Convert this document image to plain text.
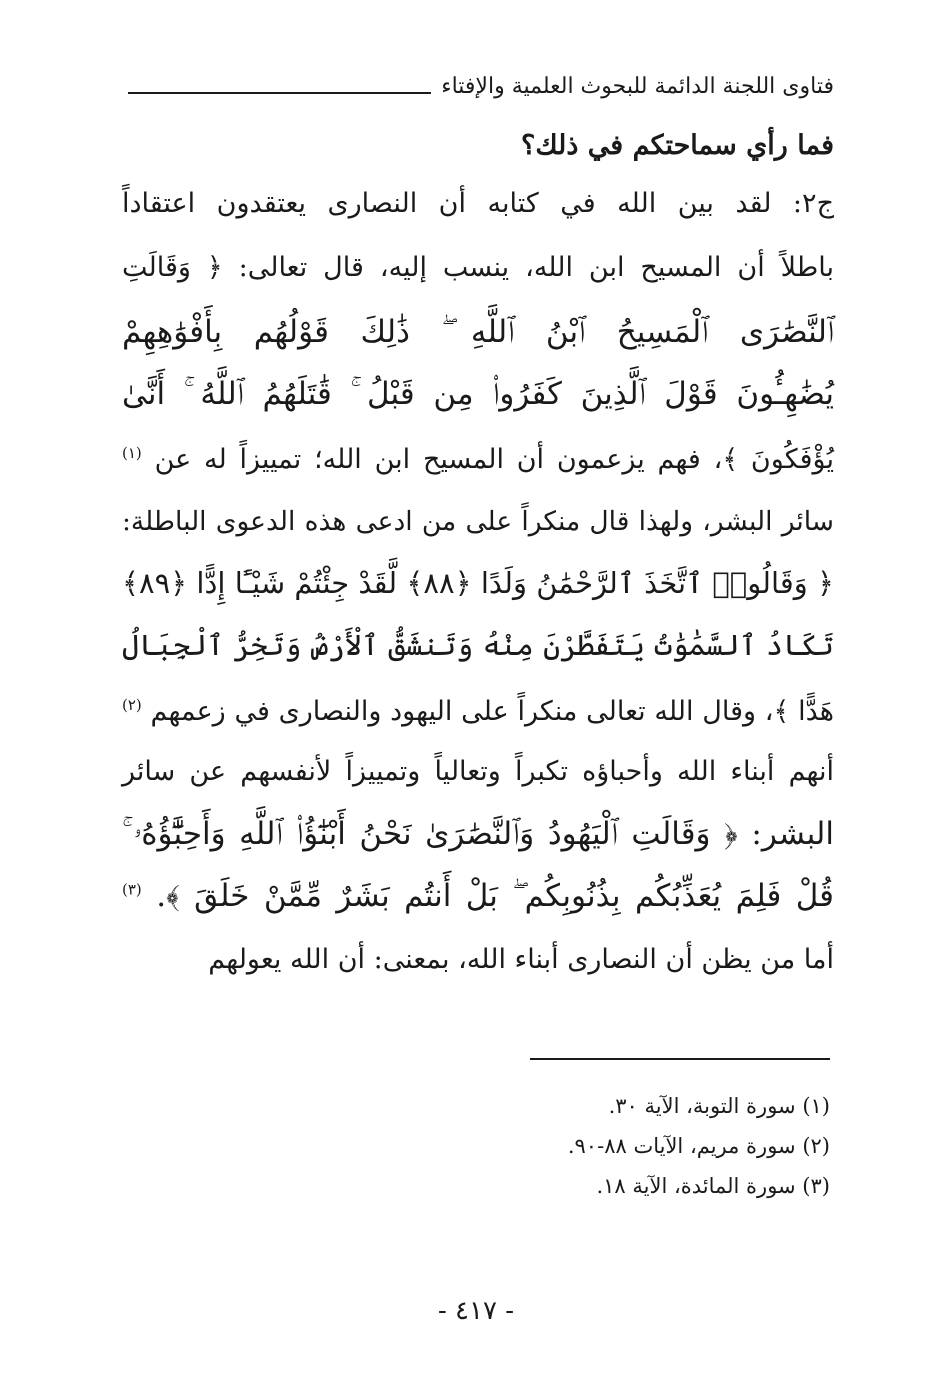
فتاوى اللجنة الدائمة للبحوث العلمية والإفتاء
فما رأي سماحتكم في ذلك؟
ج٢: لقد بين الله في كتابه أن النصارى يعتقدون اعتقاداً
باطلاً أن المسيح ابن الله، ينسب إليه، قال تعالى: ﴿ وَقَالَتِ
ٱلنَّصَٰرَى ٱلْمَسِيحُ ٱبْنُ ٱللَّهِ ۖ ذَٰلِكَ قَوْلُهُم بِأَفْوَٰهِهِمْ
يُضَٰهِـُٔونَ قَوْلَ ٱلَّذِينَ كَفَرُوا۟ مِن قَبْلُ ۚ قَٰتَلَهُمُ ٱللَّهُ ۚ أَنَّىٰ
يُؤْفَكُونَ ﴾، فهم يزعمون أن المسيح ابن الله؛ تمييزاً له عن $^{(١)}$
سائر البشر، ولهذا قال منكراً على من ادعى هذه الدعوى الباطلة:
﴿ وَقَالُوا۟ ٱتَّخَذَ ٱلرَّحْمَٰنُ وَلَدًا ﴿٨٨﴾ لَّقَدْ جِئْتُمْ شَيْـًٔا إِدًّا ﴿٨٩﴾
تَكَادُ ٱلسَّمَٰوَٰتُ يَتَفَطَّرْنَ مِنْهُ وَتَنشَقُّ ٱلْأَرْضُ وَتَخِرُّ ٱلْجِبَالُ
هَدًّا ﴾، وقال الله تعالى منكراً على اليهود والنصارى في زعمهم $^{(٢)}$
أنهم أبناء الله وأحباؤه تكبراً وتعالياً وتمييزاً لأنفسهم عن سائر
البشر: ﴿ وَقَالَتِ ٱلْيَهُودُ وَٱلنَّصَٰرَىٰ نَحْنُ أَبْنَٰٓؤُا۟ ٱللَّهِ وَأَحِبَّٰٓؤُهُۥ ۚ
قُلْ فَلِمَ يُعَذِّبُكُم بِذُنُوبِكُم ۖ بَلْ أَنتُم بَشَرٌ مِّمَّنْ خَلَقَ ﴾. $^{(٣)}$
أما من يظن أن النصارى أبناء الله، بمعنى: أن الله يعولهم
(١) سورة التوبة، الآية ٣٠.
(٢) سورة مريم، الآيات ٨٨-٩٠.
(٣) سورة المائدة، الآية ١٨.
- ٤١٧ -
